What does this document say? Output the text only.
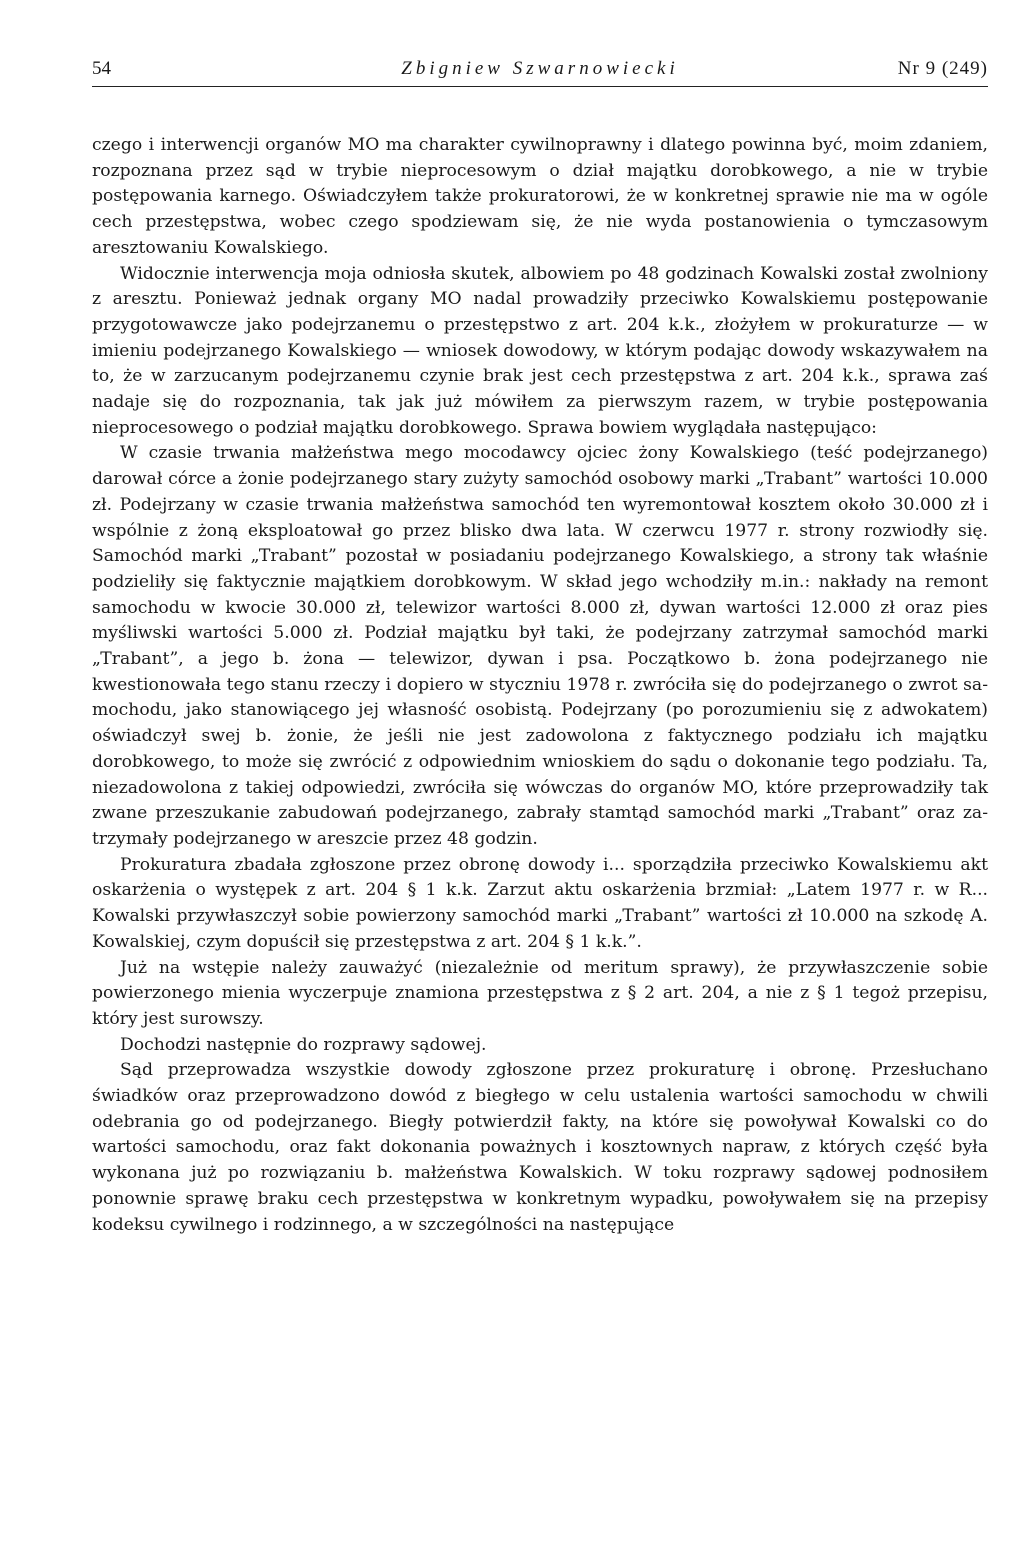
54	Zbigniew Szwarnowiecki	Nr 9 (249)

czego i interwencji organów MO ma charakter cywilnoprawny i dlatego powinna być, moim zdaniem, rozpoznana przez sąd w trybie nieprocesowym o dział majątku dorobkowego, a nie w trybie postępowania karnego. Oświadczyłem także prokuratorowi, że w konkretnej sprawie nie ma w ogóle cech przestępstwa, wobec czego spodziewam się, że nie wyda postanowienia o tymczasowym aresztowaniu Kowalskiego.

Widocznie interwencja moja odniosła skutek, albowiem po 48 godzinach Kowalski został zwolniony z aresztu. Ponieważ jednak organy MO nadal prowadziły przeciwko Kowalskiemu postępowanie przygotowawcze jako podejrzanemu o przestępstwo z art. 204 k.k., złożyłem w prokuraturze — w imieniu podejrzanego Kowalskiego — wniosek dowodowy, w którym podając dowody wskazywałem na to, że w zarzucanym podejrzanemu czynie brak jest cech przestępstwa z art. 204 k.k., sprawa zaś nadaje się do rozpoznania, tak jak już mówiłem za pierwszym razem, w trybie postępowania nieprocesowego o podział majątku dorobkowego. Sprawa bowiem wyglądała następująco:

W czasie trwania małżeństwa mego mocodawcy ojciec żony Kowalskiego (teść podejrzanego) darował córce a żonie podejrzanego stary zużyty samochód osobowy marki „Trabant” wartości 10.000 zł. Podejrzany w czasie trwania małżeństwa samochód ten wyremontował kosztem około 30.000 zł i wspólnie z żoną eksploatował go przez blisko dwa lata. W czerwcu 1977 r. strony rozwiodły się. Samochód marki „Trabant” pozostał w posiadaniu podejrzanego Kowalskiego, a strony tak właśnie podzieliły się faktycznie majątkiem dorobkowym. W skład jego wchodziły m.in.: nakłady na remont samochodu w kwocie 30.000 zł, telewizor wartości 8.000 zł, dywan wartości 12.000 zł oraz pies myśliwski wartości 5.000 zł. Podział majątku był taki, że podejrzany zatrzymał samochód marki „Trabant”, a jego b. żona — telewizor, dywan i psa. Początkowo b. żona podejrzanego nie kwestionowała tego stanu rzeczy i dopiero w styczniu 1978 r. zwróciła się do podejrzanego o zwrot samochodu, jako stanowiącego jej własność osobistą. Podejrzany (po porozumieniu się z adwokatem) oświadczył swej b. żonie, że jeśli nie jest zadowolona z faktycznego podziału ich majątku dorobkowego, to może się zwrócić z odpowiednim wnioskiem do sądu o dokonanie tego podziału. Ta, niezadowolona z takiej odpowiedzi, zwróciła się wówczas do organów MO, które przeprowadziły tak zwane przeszukanie zabudowań podejrzanego, zabrały stamtąd samochód marki „Trabant” oraz zatrzymały podejrzanego w areszcie przez 48 godzin.

Prokuratura zbadała zgłoszone przez obronę dowody i... sporządziła przeciwko Kowalskiemu akt oskarżenia o występek z art. 204 § 1 k.k. Zarzut aktu oskarżenia brzmiał: „Latem 1977 r. w R... Kowalski przywłaszczył sobie powierzony samochód marki „Trabant” wartości zł 10.000 na szkodę A. Kowalskiej, czym dopuścił się przestępstwa z art. 204 § 1 k.k.”.

Już na wstępie należy zauważyć (niezależnie od meritum sprawy), że przywłaszczenie sobie powierzonego mienia wyczerpuje znamiona przestępstwa z § 2 art. 204, a nie z § 1 tegoż przepisu, który jest surowszy.

Dochodzi następnie do rozprawy sądowej.

Sąd przeprowadza wszystkie dowody zgłoszone przez prokuraturę i obronę. Przesłuchano świadków oraz przeprowadzono dowód z biegłego w celu ustalenia wartości samochodu w chwili odebrania go od podejrzanego. Biegły potwierdził fakty, na które się powoływał Kowalski co do wartości samochodu, oraz fakt dokonania poważnych i kosztownych napraw, z których część była wykonana już po rozwiązaniu b. małżeństwa Kowalskich. W toku rozprawy sądowej podnosiłem ponownie sprawę braku cech przestępstwa w konkretnym wypadku, powoływałem się na przepisy kodeksu cywilnego i rodzinnego, a w szczególności na następujące
